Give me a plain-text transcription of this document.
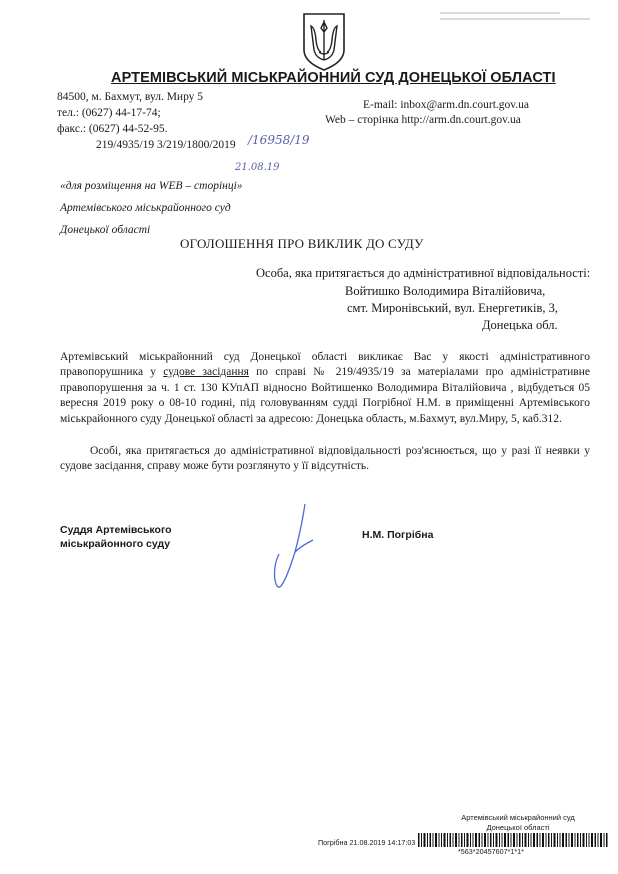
АРТЕМІВСЬКИЙ МІСЬКРАЙОННИЙ СУД ДОНЕЦЬКОЇ ОБЛАСТІ
84500, м. Бахмут, вул. Миру 5
тел.: (0627) 44-17-74;
факс.: (0627) 44-52-95.
E-mail: inbox@arm.dn.court.gov.ua
Web – сторінка http://arm.dn.court.gov.ua
219/4935/19 3/219/1800/2019 /16958/19
21.08.19
«для розміщення на WEB – сторінці»
Артемівського міськрайонного суд
Донецької області
ОГОЛОШЕННЯ ПРО ВИКЛИК ДО СУДУ
Особа, яка притягається до адміністративної відповідальності:
Войтишко Володимира Віталійовича,
смт. Миронівський, вул. Енергетиків, 3,
Донецька обл.
Артемівський міськрайонний суд Донецької області викликає Вас у якості адміністративного правопорушника у судове засідання по справі № 219/4935/19 за матеріалами про адміністративне правопорушення за ч. 1 ст. 130 КУпАП відносно Войтишенко Володимира Віталійовича , відбудеться 05 вересня 2019 року о 08-10 годині, під головуванням судді Погрібної Н.М. в приміщенні Артемівського міськрайонного суду Донецької області за адресою: Донецька область, м.Бахмут, вул.Миру, 5, каб.312.
Особі, яка притягається до адміністративної відповідальності роз'яснюється, що у разі її неявки у судове засідання, справу може бути розглянуто у її відсутність.
Суддя Артемівського міськрайонного суду
Н.М. Погрібна
Артемівський міськрайонний суд
Донецької області
Погрібна 21.08.2019 14:17:03
*563*20457607*1*1*
